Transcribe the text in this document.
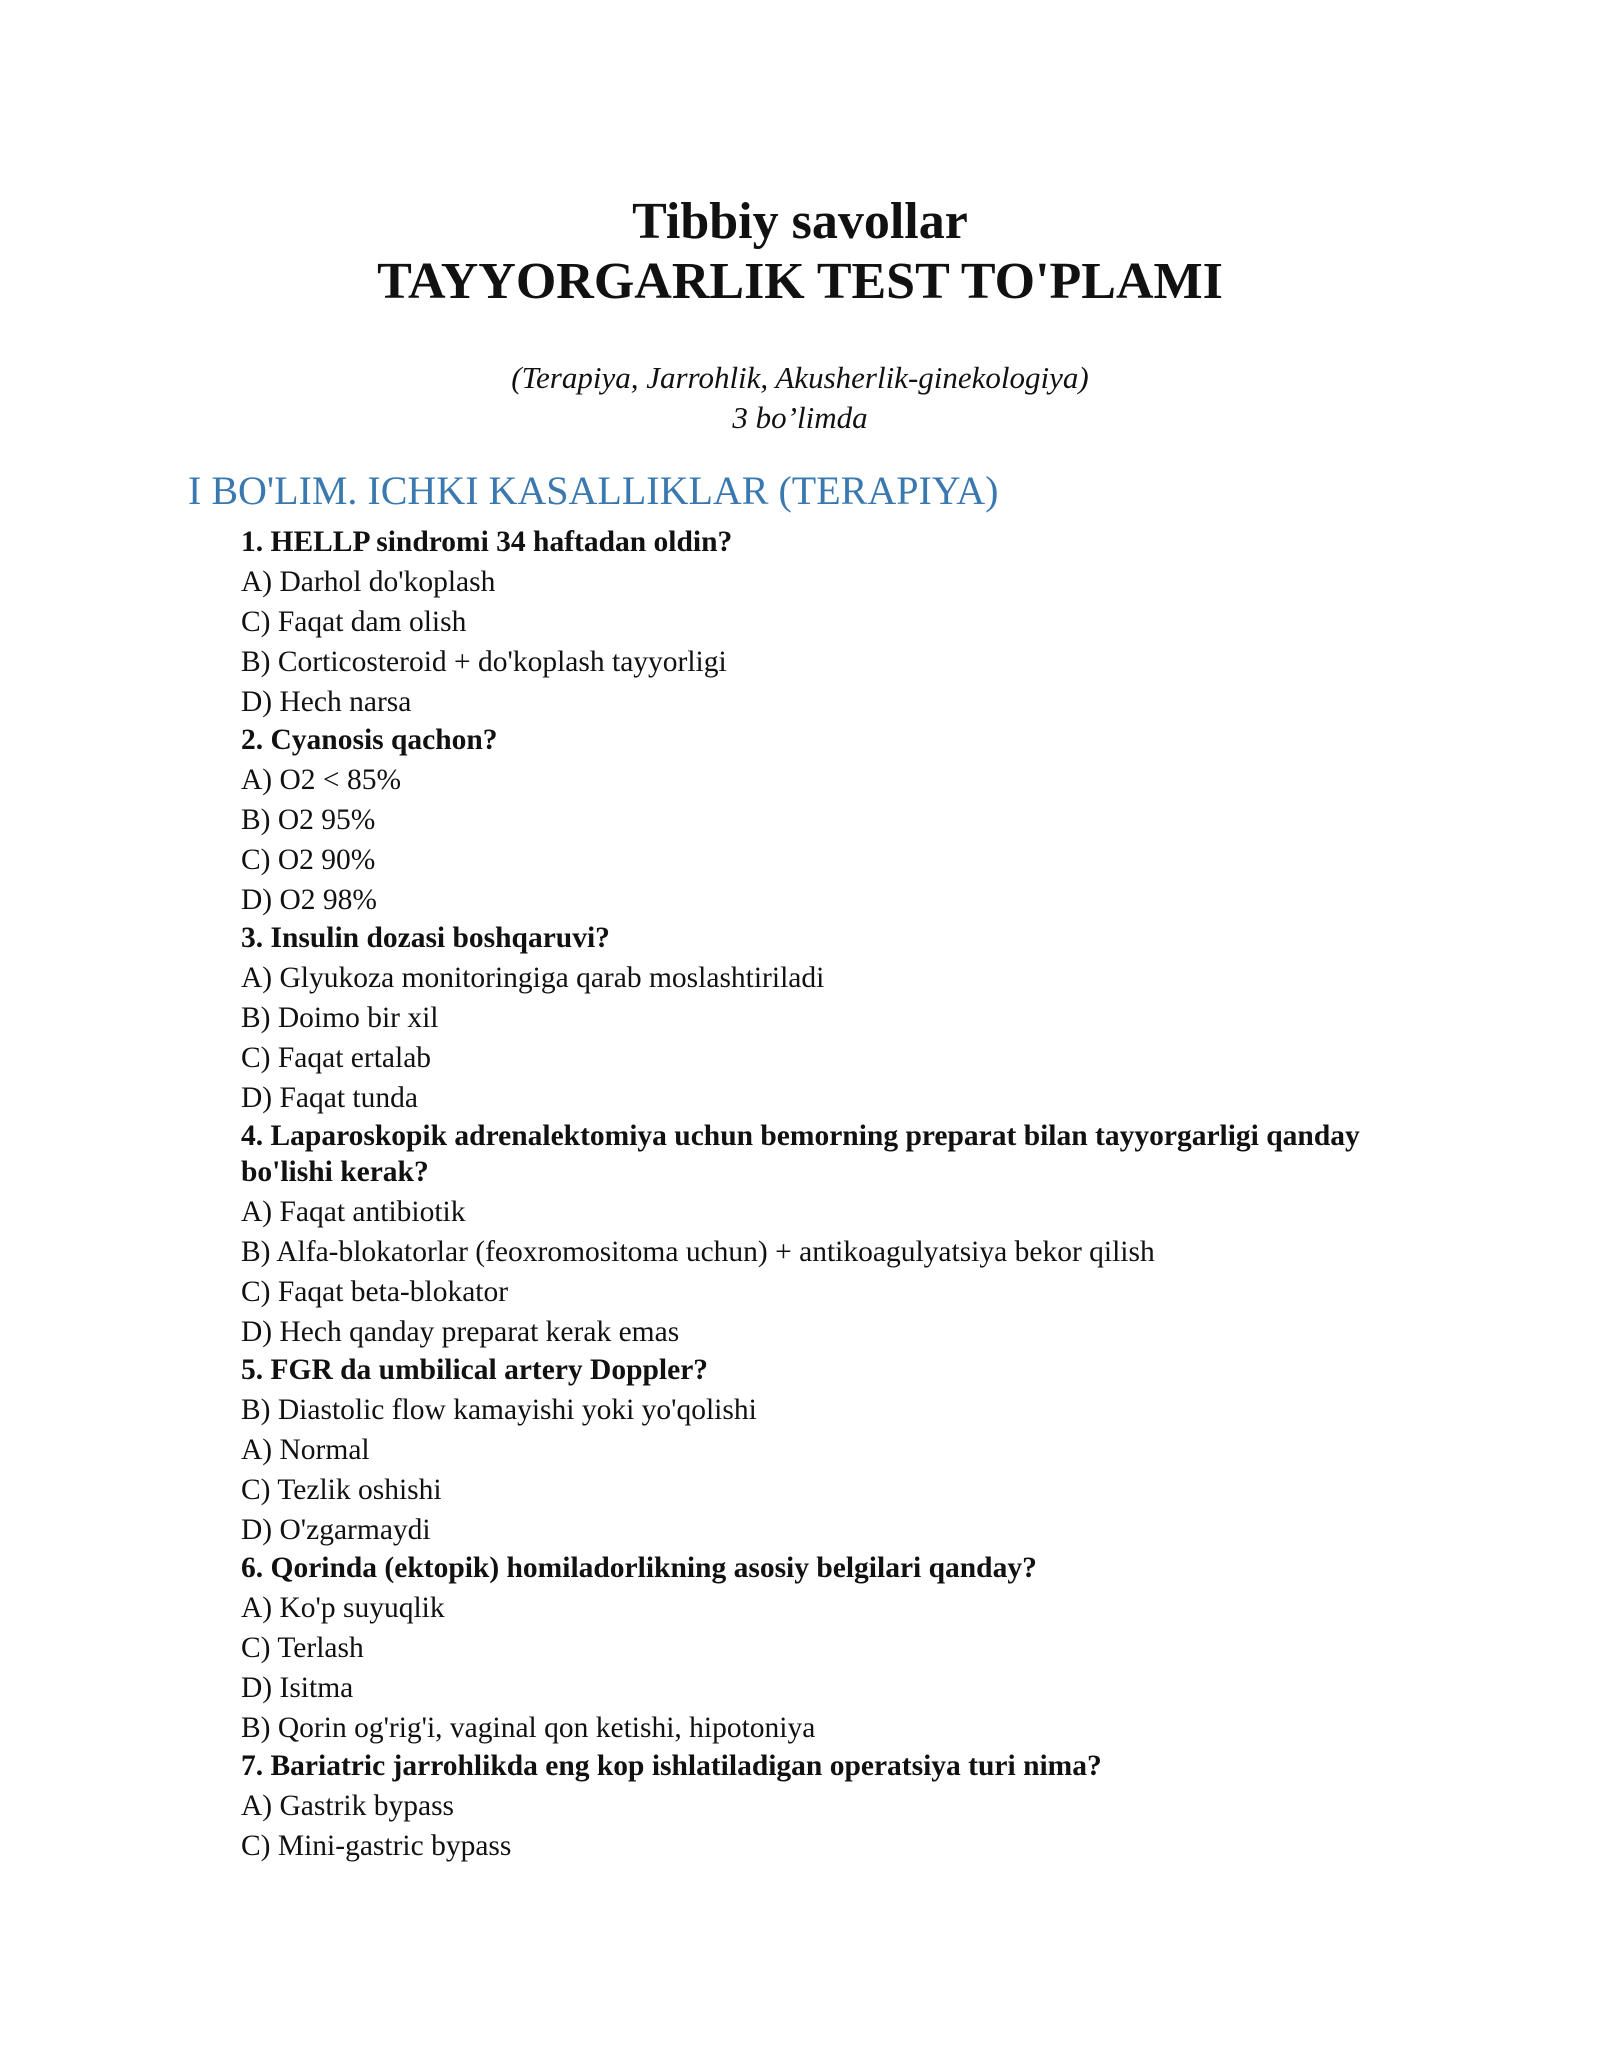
Tibbiy savollar
TAYYORGARLIK TEST TO'PLAMI
(Terapiya, Jarrohlik, Akusherlik-ginekologiya)
3 bo’limda
I BO'LIM. ICHKI KASALLIKLAR (TERAPIYA)
1. HELLP sindromi 34 haftadan oldin?
A) Darhol do'koplash
C) Faqat dam olish
B) Corticosteroid + do'koplash tayyorligi
D) Hech narsa
2. Cyanosis qachon?
A) O2 < 85%
B) O2 95%
C) O2 90%
D) O2 98%
3. Insulin dozasi boshqaruvi?
A) Glyukoza monitoringiga qarab moslashtiriladi
B) Doimo bir xil
C) Faqat ertalab
D) Faqat tunda
4. Laparoskopik adrenalektomiya uchun bemorning preparat bilan tayyorgarligi qanday bo'lishi kerak?
A) Faqat antibiotik
B) Alfa-blokatorlar (feoxromositoma uchun) + antikoagulyatsiya bekor qilish
C) Faqat beta-blokator
D) Hech qanday preparat kerak emas
5. FGR da umbilical artery Doppler?
B) Diastolic flow kamayishi yoki yo'qolishi
A) Normal
C) Tezlik oshishi
D) O'zgarmaydi
6. Qorinda (ektopik) homiladorlikning asosiy belgilari qanday?
A) Ko'p suyuqlik
C) Terlash
D) Isitma
B) Qorin og'rig'i, vaginal qon ketishi, hipotoniya
7. Bariatric jarrohlikda eng kop ishlatiladigan operatsiya turi nima?
A) Gastrik bypass
C) Mini-gastric bypass
